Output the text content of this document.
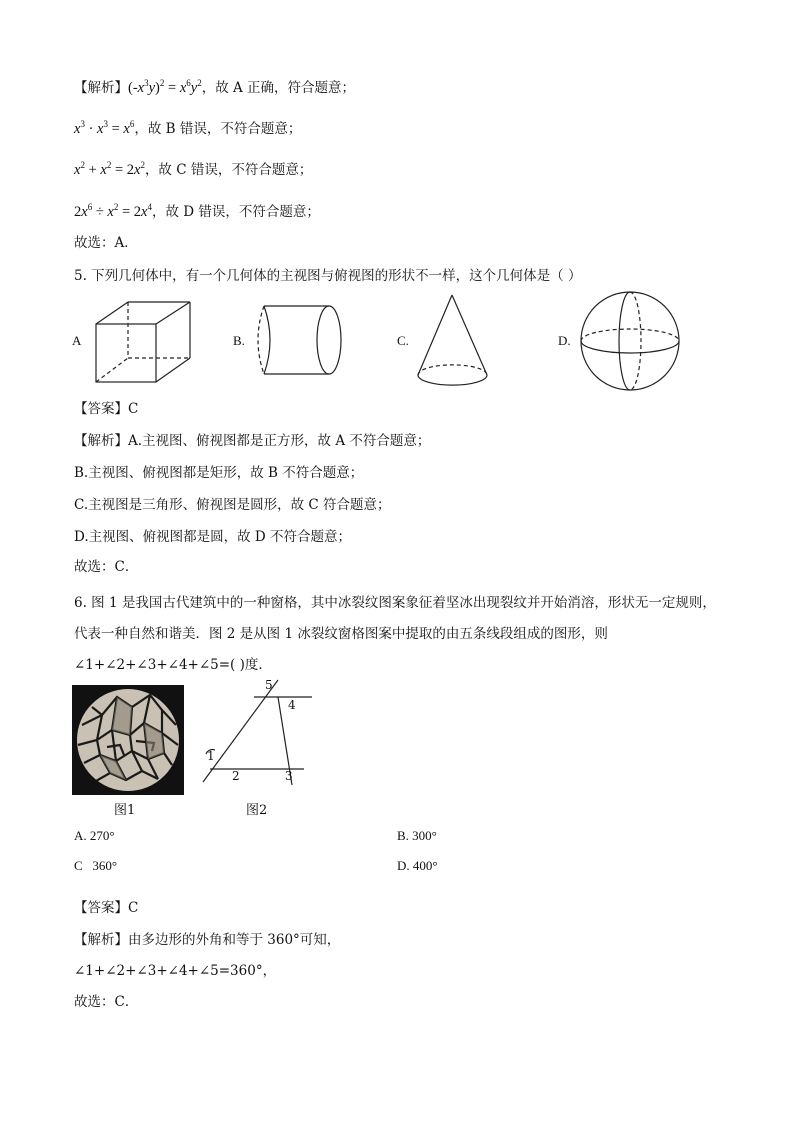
【解析】$(-x^3y)^2 = x^6y^2$，故 A 正确，符合题意；
$x^3 \cdot x^3 = x^6$，故 B 错误，不符合题意；
$x^2 + x^2 = 2x^2$，故 C 错误，不符合题意；
$2x^6 \div x^2 = 2x^4$，故 D 错误，不符合题意；
故选：A．
5. 下列几何体中，有一个几何体的主视图与俯视图的形状不一样，这个几何体是（ ）
A	B.	C.	D.
【答案】C
【解析】A.主视图、俯视图都是正方形，故 A 不符合题意；
B.主视图、俯视图都是矩形，故 B 不符合题意；
C.主视图是三角形、俯视图是圆形，故 C 符合题意；
D.主视图、俯视图都是圆，故 D 不符合题意；
故选：C．
6. 图 1 是我国古代建筑中的一种窗格，其中冰裂纹图案象征着坚冰出现裂纹并开始消溶，形状无一定规则，代表一种自然和谐美．图 2 是从图 1 冰裂纹窗格图案中提取的由五条线段组成的图形，则∠1+∠2+∠3+∠4+∠5=( )度．
图1
5
4
1
2	3
图2
A. 270°	B. 300°
C   360°	D. 400°
【答案】C
【解析】由多边形的外角和等于 360°可知，
∠1+∠2+∠3+∠4+∠5=360°，
故选：C．
